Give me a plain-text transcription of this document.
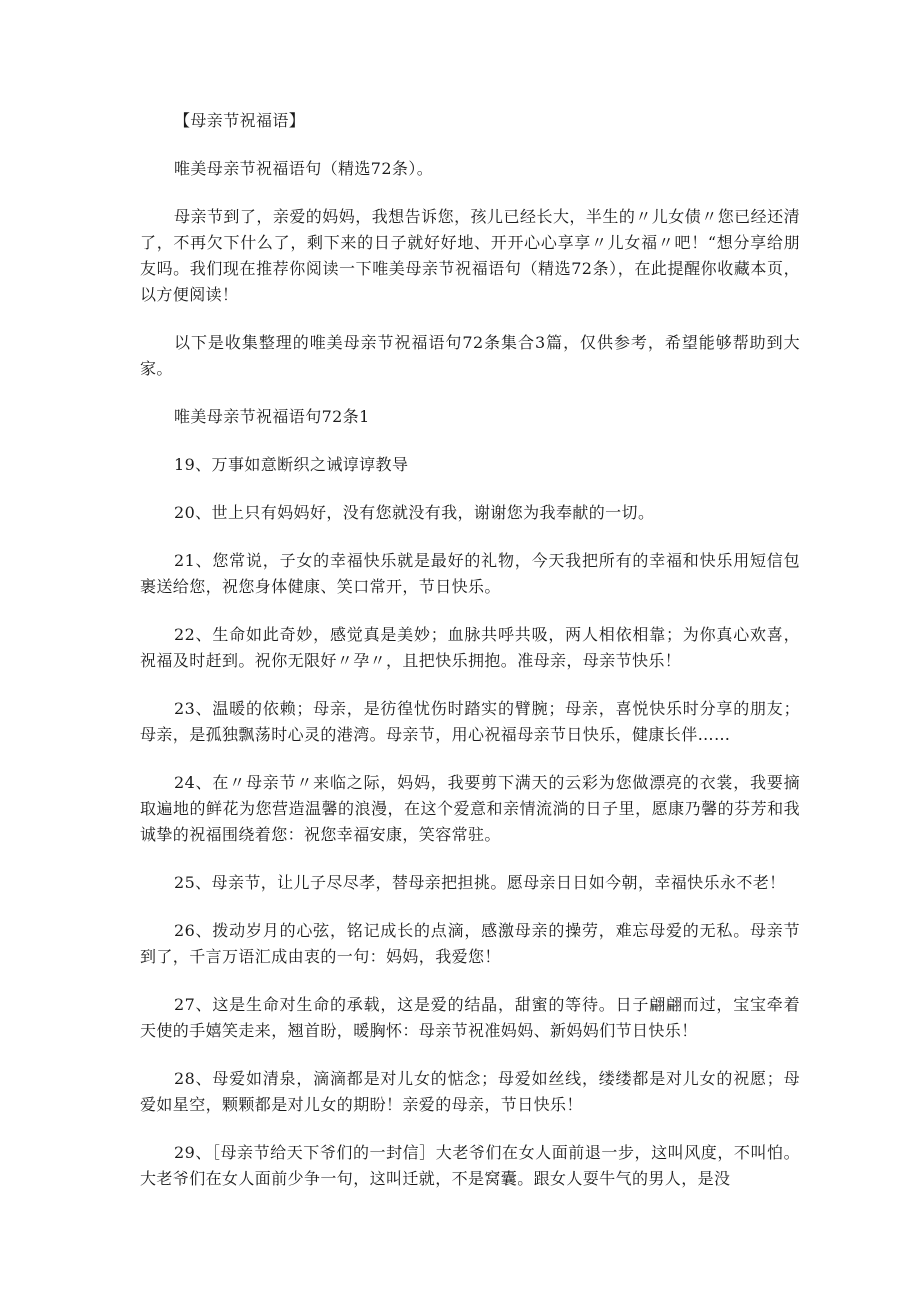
【母亲节祝福语】

唯美母亲节祝福语句（精选72条）。

母亲节到了，亲爱的妈妈，我想告诉您，孩儿已经长大，半生的〃儿女债〃您已经还清了，不再欠下什么了，剩下来的日子就好好地、开开心心享享〃儿女福〃吧！“想分享给朋友吗。我们现在推荐你阅读一下唯美母亲节祝福语句（精选72条），在此提醒你收藏本页，以方便阅读！

以下是收集整理的唯美母亲节祝福语句72条集合3篇，仅供参考，希望能够帮助到大家。

唯美母亲节祝福语句72条1

19、万事如意断织之诫谆谆教导

20、世上只有妈妈好，没有您就没有我，谢谢您为我奉献的一切。

21、您常说，子女的幸福快乐就是最好的礼物，今天我把所有的幸福和快乐用短信包裹送给您，祝您身体健康、笑口常开，节日快乐。

22、生命如此奇妙，感觉真是美妙；血脉共呼共吸，两人相依相靠；为你真心欢喜，祝福及时赶到。祝你无限好〃孕〃，且把快乐拥抱。准母亲，母亲节快乐！

23、温暖的依赖；母亲，是彷徨忧伤时踏实的臂腕；母亲，喜悦快乐时分享的朋友；母亲，是孤独飘荡时心灵的港湾。母亲节，用心祝福母亲节日快乐，健康长伴……

24、在〃母亲节〃来临之际，妈妈，我要剪下满天的云彩为您做漂亮的衣裳，我要摘取遍地的鲜花为您营造温馨的浪漫，在这个爱意和亲情流淌的日子里，愿康乃馨的芬芳和我诚挚的祝福围绕着您：祝您幸福安康，笑容常驻。

25、母亲节，让儿子尽尽孝，替母亲把担挑。愿母亲日日如今朝，幸福快乐永不老！

26、拨动岁月的心弦，铭记成长的点滴，感激母亲的操劳，难忘母爱的无私。母亲节到了，千言万语汇成由衷的一句：妈妈，我爱您！

27、这是生命对生命的承载，这是爱的结晶，甜蜜的等待。日子翩翩而过，宝宝牵着天使的手嬉笑走来，翘首盼，暖胸怀：母亲节祝准妈妈、新妈妈们节日快乐！

28、母爱如清泉，滴滴都是对儿女的惦念；母爱如丝线，缕缕都是对儿女的祝愿；母爱如星空，颗颗都是对儿女的期盼！亲爱的母亲，节日快乐！

29、［母亲节给天下爷们的一封信］大老爷们在女人面前退一步，这叫风度，不叫怕。大老爷们在女人面前少争一句，这叫迁就，不是窝囊。跟女人耍牛气的男人，是没
